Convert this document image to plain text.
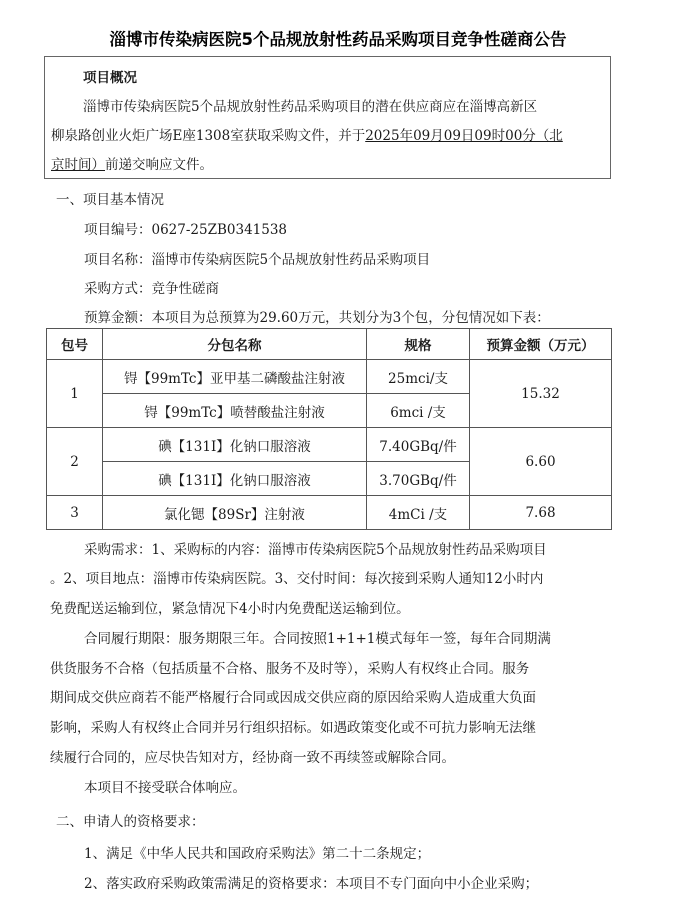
淄博市传染病医院5个品规放射性药品采购项目竞争性磋商公告
项目概况
淄博市传染病医院5个品规放射性药品采购项目的潜在供应商应在淄博高新区
柳泉路创业火炬广场E座1308室获取采购文件，并于2025年09月09日09时00分（北
京时间）前递交响应文件。
一、项目基本情况
项目编号：0627-25ZB0341538
项目名称：淄博市传染病医院5个品规放射性药品采购项目
采购方式：竞争性磋商
预算金额：本项目为总预算为29.60万元，共划分为3个包，分包情况如下表：
包号	分包名称	规格	预算金额（万元）
1	锝【99mTc】亚甲基二磷酸盐注射液	25mci/支	15.32
	锝【99mTc】喷替酸盐注射液	6mci /支	
2	碘【131I】化钠口服溶液	7.40GBq/件	6.60
	碘【131I】化钠口服溶液	3.70GBq/件	
3	氯化锶【89Sr】注射液	4mCi /支	7.68
采购需求：1、采购标的内容：淄博市传染病医院5个品规放射性药品采购项目
。2、项目地点：淄博市传染病医院。3、交付时间：每次接到采购人通知12小时内
免费配送运输到位，紧急情况下4小时内免费配送运输到位。
合同履行期限：服务期限三年。合同按照1+1+1模式每年一签，每年合同期满
供货服务不合格（包括质量不合格、服务不及时等），采购人有权终止合同。服务
期间成交供应商若不能严格履行合同或因成交供应商的原因给采购人造成重大负面
影响，采购人有权终止合同并另行组织招标。如遇政策变化或不可抗力影响无法继
续履行合同的，应尽快告知对方，经协商一致不再续签或解除合同。
本项目不接受联合体响应。
二、申请人的资格要求：
1、满足《中华人民共和国政府采购法》第二十二条规定；
2、落实政府采购政策需满足的资格要求：本项目不专门面向中小企业采购；
